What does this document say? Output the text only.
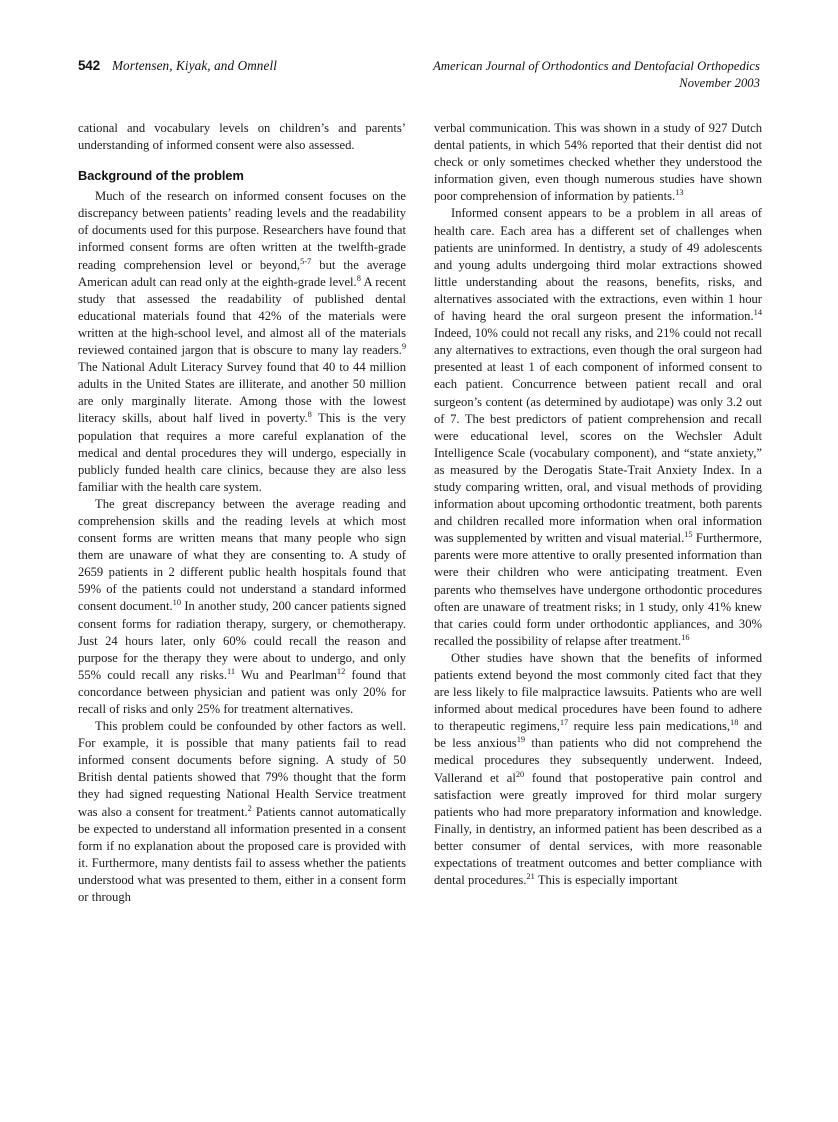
542 Mortensen, Kiyak, and Omnell	American Journal of Orthodontics and Dentofacial Orthopedics
November 2003

cational and vocabulary levels on children’s and parents’ understanding of informed consent were also assessed.

Background of the problem

Much of the research on informed consent focuses on the discrepancy between patients’ reading levels and the readability of documents used for this purpose. Researchers have found that informed consent forms are often written at the twelfth-grade reading comprehension level or beyond,$^{5-7}$ but the average American adult can read only at the eighth-grade level.$^8$ A recent study that assessed the readability of published dental educational materials found that 42% of the materials were written at the high-school level, and almost all of the materials reviewed contained jargon that is obscure to many lay readers.$^9$ The National Adult Literacy Survey found that 40 to 44 million adults in the United States are illiterate, and another 50 million are only marginally literate. Among those with the lowest literacy skills, about half lived in poverty.$^8$ This is the very population that requires a more careful explanation of the medical and dental procedures they will undergo, especially in publicly funded health care clinics, because they are also less familiar with the health care system.

The great discrepancy between the average reading and comprehension skills and the reading levels at which most consent forms are written means that many people who sign them are unaware of what they are consenting to. A study of 2659 patients in 2 different public health hospitals found that 59% of the patients could not understand a standard informed consent document.$^{10}$ In another study, 200 cancer patients signed consent forms for radiation therapy, surgery, or chemotherapy. Just 24 hours later, only 60% could recall the reason and purpose for the therapy they were about to undergo, and only 55% could recall any risks.$^{11}$ Wu and Pearlman$^{12}$ found that concordance between physician and patient was only 20% for recall of risks and only 25% for treatment alternatives.

This problem could be confounded by other factors as well. For example, it is possible that many patients fail to read informed consent documents before signing. A study of 50 British dental patients showed that 79% thought that the form they had signed requesting National Health Service treatment was also a consent for treatment.$^2$ Patients cannot automatically be expected to understand all information presented in a consent form if no explanation about the proposed care is provided with it. Furthermore, many dentists fail to assess whether the patients understood what was presented to them, either in a consent form or through

verbal communication. This was shown in a study of 927 Dutch dental patients, in which 54% reported that their dentist did not check or only sometimes checked whether they understood the information given, even though numerous studies have shown poor comprehension of information by patients.$^{13}$

Informed consent appears to be a problem in all areas of health care. Each area has a different set of challenges when patients are uninformed. In dentistry, a study of 49 adolescents and young adults undergoing third molar extractions showed little understanding about the reasons, benefits, risks, and alternatives associated with the extractions, even within 1 hour of having heard the oral surgeon present the information.$^{14}$ Indeed, 10% could not recall any risks, and 21% could not recall any alternatives to extractions, even though the oral surgeon had presented at least 1 of each component of informed consent to each patient. Concurrence between patient recall and oral surgeon’s content (as determined by audiotape) was only 3.2 out of 7. The best predictors of patient comprehension and recall were educational level, scores on the Wechsler Adult Intelligence Scale (vocabulary component), and “state anxiety,” as measured by the Derogatis State-Trait Anxiety Index. In a study comparing written, oral, and visual methods of providing information about upcoming orthodontic treatment, both parents and children recalled more information when oral information was supplemented by written and visual material.$^{15}$ Furthermore, parents were more attentive to orally presented information than were their children who were anticipating treatment. Even parents who themselves have undergone orthodontic procedures often are unaware of treatment risks; in 1 study, only 41% knew that caries could form under orthodontic appliances, and 30% recalled the possibility of relapse after treatment.$^{16}$

Other studies have shown that the benefits of informed patients extend beyond the most commonly cited fact that they are less likely to file malpractice lawsuits. Patients who are well informed about medical procedures have been found to adhere to therapeutic regimens,$^{17}$ require less pain medications,$^{18}$ and be less anxious$^{19}$ than patients who did not comprehend the medical procedures they subsequently underwent. Indeed, Vallerand et $al^{20}$ found that postoperative pain control and satisfaction were greatly improved for third molar surgery patients who had more preparatory information and knowledge. Finally, in dentistry, an informed patient has been described as a better consumer of dental services, with more reasonable expectations of treatment outcomes and better compliance with dental procedures.$^{21}$ This is especially important
